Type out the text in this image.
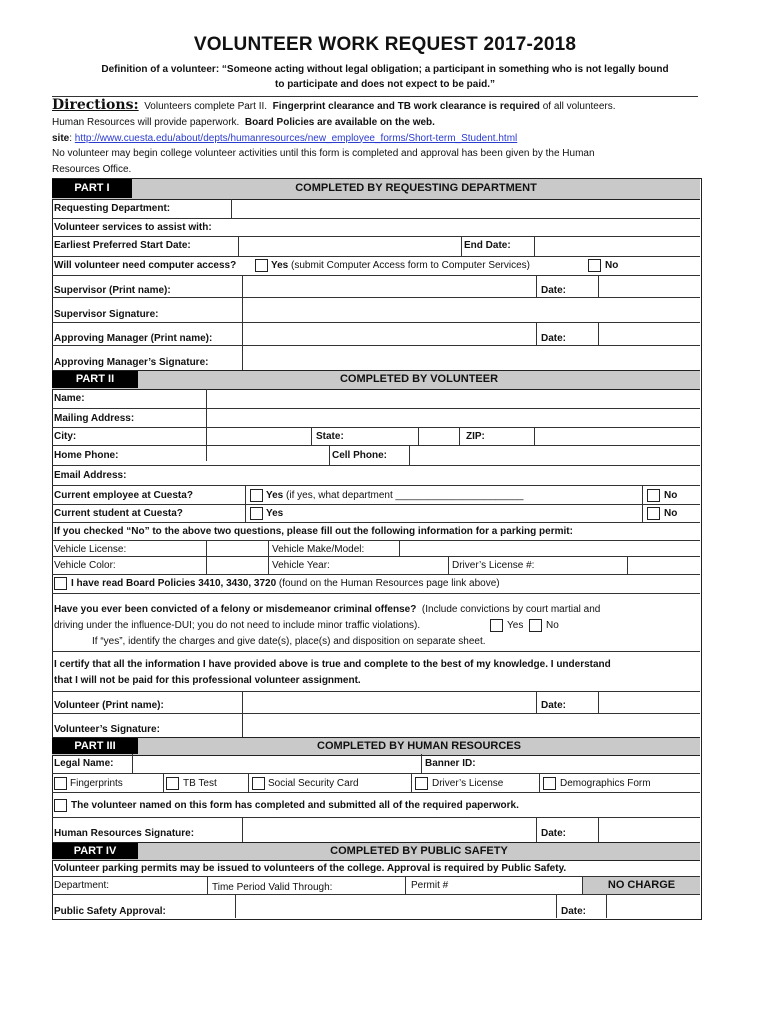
VOLUNTEER WORK REQUEST 2017-2018
Definition of a volunteer: “Someone acting without legal obligation; a participant in something who is not legally bound
to participate and does not expect to be paid.”
Directions: Volunteers complete Part II. Fingerprint clearance and TB work clearance is required of all volunteers.
Human Resources will provide paperwork. Board Policies are available on the web.
site: http://www.cuesta.edu/about/depts/humanresources/new_employee_forms/Short-term_Student.html
No volunteer may begin college volunteer activities until this form is completed and approval has been given by the Human
Resources Office.
PART I	COMPLETED BY REQUESTING DEPARTMENT
Requesting Department:
Volunteer services to assist with:
Earliest Preferred Start Date:	End Date:
Will volunteer need computer access?	Yes (submit Computer Access form to Computer Services)	No
Supervisor (Print name):	Date:
Supervisor Signature:
Approving Manager (Print name):	Date:
Approving Manager’s Signature:
PART II	COMPLETED BY VOLUNTEER
Name:
Mailing Address:
City:	State:	ZIP:
Home Phone:	Cell Phone:
Email Address:
Current employee at Cuesta?	Yes (if yes, what department _______________________	No
Current student at Cuesta?	Yes	No
If you checked “No” to the above two questions, please fill out the following information for a parking permit:
Vehicle License:	Vehicle Make/Model:
Vehicle Color:	Vehicle Year:	Driver’s License #:
I have read Board Policies 3410, 3430, 3720 (found on the Human Resources page link above)
Have you ever been convicted of a felony or misdemeanor criminal offense? (Include convictions by court martial and
driving under the influence-DUI; you do not need to include minor traffic violations).	Yes No
If “yes”, identify the charges and give date(s), place(s) and disposition on separate sheet.
I certify that all the information I have provided above is true and complete to the best of my knowledge. I understand
that I will not be paid for this professional volunteer assignment.
Volunteer (Print name):	Date:
Volunteer’s Signature:
PART III	COMPLETED BY HUMAN RESOURCES
Legal Name:	Banner ID:
Fingerprints	TB Test	Social Security Card	Driver’s License	Demographics Form
The volunteer named on this form has completed and submitted all of the required paperwork.
Human Resources Signature:	Date:
PART IV	COMPLETED BY PUBLIC SAFETY
Volunteer parking permits may be issued to volunteers of the college. Approval is required by Public Safety.
Department:	Time Period Valid Through:	Permit #	NO CHARGE
Public Safety Approval:	Date:
